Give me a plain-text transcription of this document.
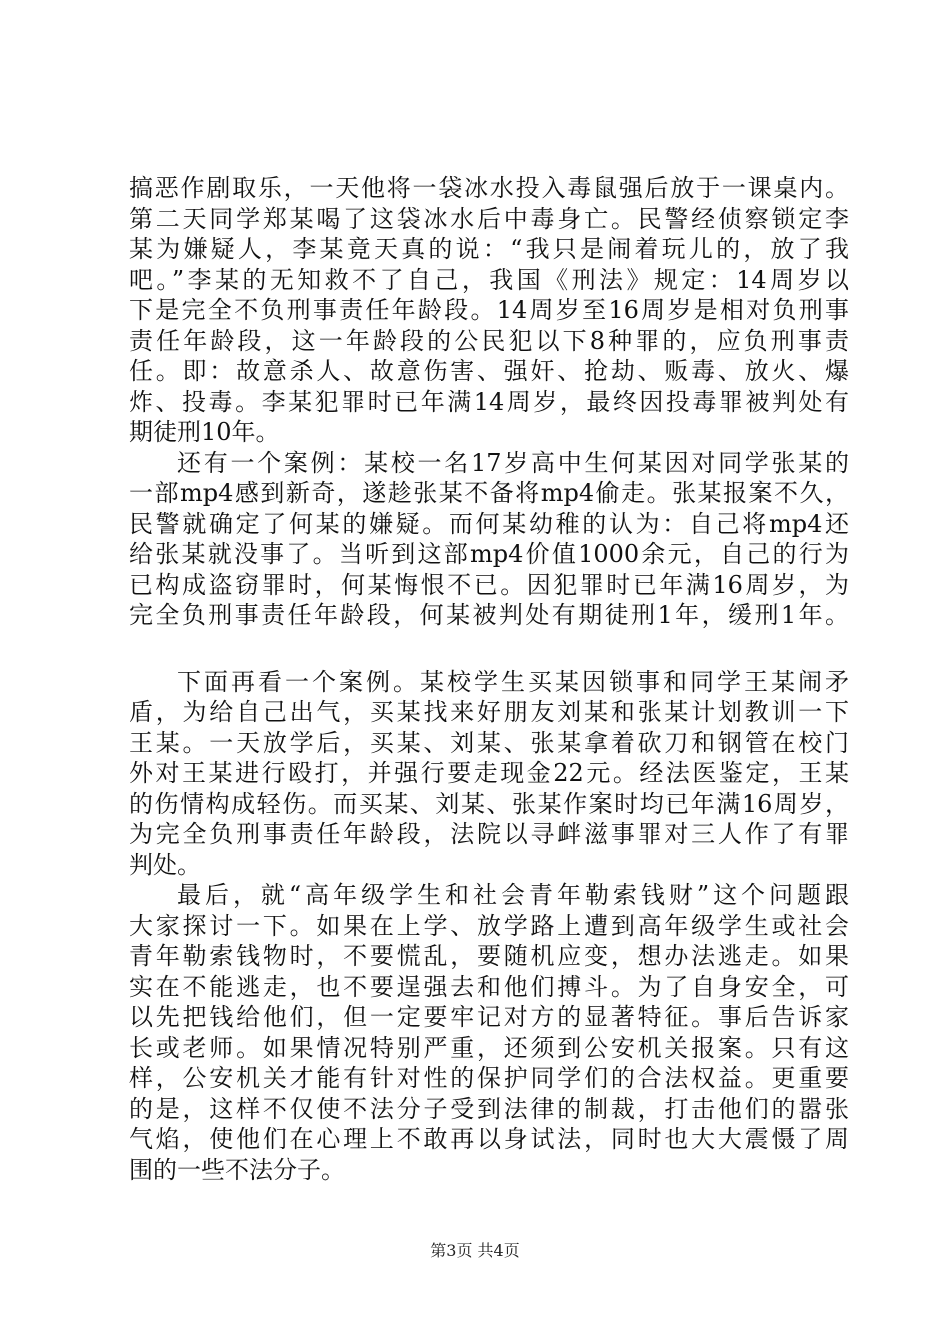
搞恶作剧取乐，一天他将一袋冰水投入毒鼠强后放于一课桌内。
第二天同学郑某喝了这袋冰水后中毒身亡。民警经侦察锁定李
某为嫌疑人，李某竟天真的说：“我只是闹着玩儿的，放了我
吧。”李某的无知救不了自己，我国《刑法》规定：14周岁以
下是完全不负刑事责任年龄段。14周岁至16周岁是相对负刑事
责任年龄段，这一年龄段的公民犯以下8种罪的，应负刑事责
任。即：故意杀人、故意伤害、强奸、抢劫、贩毒、放火、爆
炸、投毒。李某犯罪时已年满14周岁，最终因投毒罪被判处有
期徒刑10年。
还有一个案例：某校一名17岁高中生何某因对同学张某的
一部mp4感到新奇，遂趁张某不备将mp4偷走。张某报案不久，
民警就确定了何某的嫌疑。而何某幼稚的认为：自己将mp4还
给张某就没事了。当听到这部mp4价值1000余元，自己的行为
已构成盗窃罪时，何某悔恨不已。因犯罪时已年满16周岁，为
完全负刑事责任年龄段，何某被判处有期徒刑1年，缓刑1年。
下面再看一个案例。某校学生买某因锁事和同学王某闹矛
盾，为给自己出气，买某找来好朋友刘某和张某计划教训一下
王某。一天放学后，买某、刘某、张某拿着砍刀和钢管在校门
外对王某进行殴打，并强行要走现金22元。经法医鉴定，王某
的伤情构成轻伤。而买某、刘某、张某作案时均已年满16周岁，
为完全负刑事责任年龄段，法院以寻衅滋事罪对三人作了有罪
判处。
最后，就“高年级学生和社会青年勒索钱财”这个问题跟
大家探讨一下。如果在上学、放学路上遭到高年级学生或社会
青年勒索钱物时，不要慌乱，要随机应变，想办法逃走。如果
实在不能逃走，也不要逞强去和他们搏斗。为了自身安全，可
以先把钱给他们，但一定要牢记对方的显著特征。事后告诉家
长或老师。如果情况特别严重，还须到公安机关报案。只有这
样，公安机关才能有针对性的保护同学们的合法权益。更重要
的是，这样不仅使不法分子受到法律的制裁，打击他们的嚣张
气焰，使他们在心理上不敢再以身试法，同时也大大震慑了周
围的一些不法分子。
第3页 共4页
